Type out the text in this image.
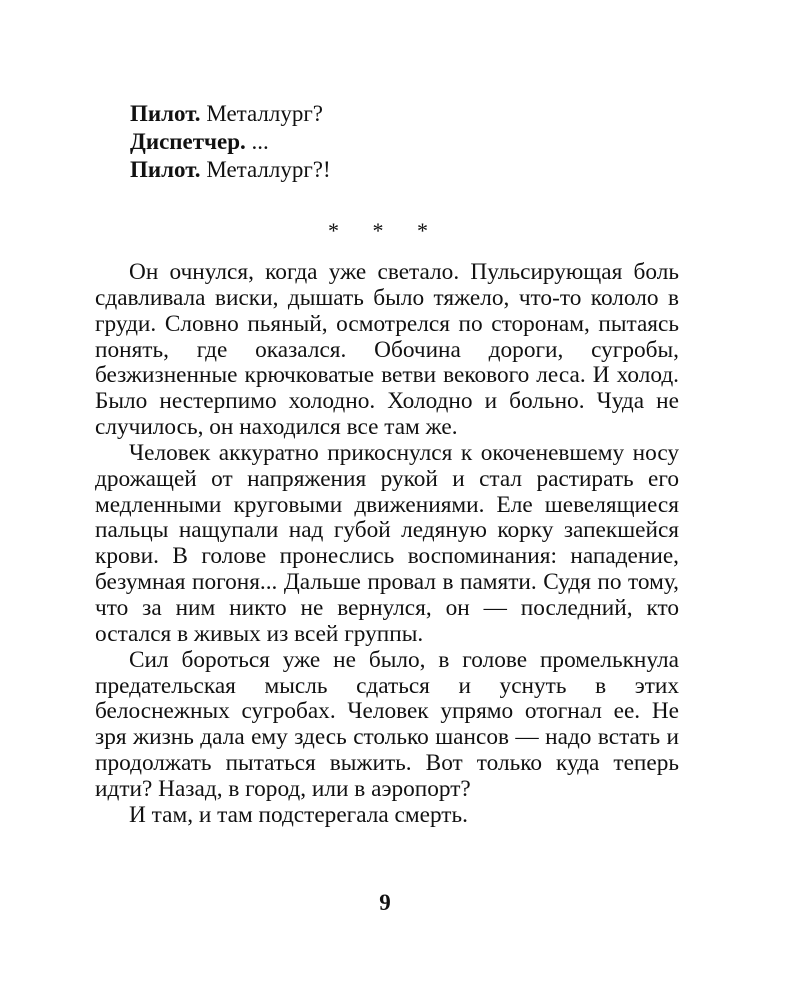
Пилот. Металлург?
Диспетчер. ...
Пилот. Металлург?!
* * *

Он очнулся, когда уже светало. Пульсирующая боль сдавливала виски, дышать было тяжело, что-то кололо в груди. Словно пьяный, осмотрелся по сторонам, пытаясь понять, где оказался. Обочина дороги, сугробы, безжизненные крючковатые ветви векового леса. И холод. Было нестерпимо холодно. Холодно и больно. Чуда не случилось, он находился все там же.

Человек аккуратно прикоснулся к окоченевшему носу дрожащей от напряжения рукой и стал растирать его медленными круговыми движениями. Еле шевелящиеся пальцы нащупали над губой ледяную корку запекшейся крови. В голове пронеслись воспоминания: нападение, безумная погоня... Дальше провал в памяти. Судя по тому, что за ним никто не вернулся, он — последний, кто остался в живых из всей группы.

Сил бороться уже не было, в голове промелькнула предательская мысль сдаться и уснуть в этих белоснежных сугробах. Человек упрямо отогнал ее. Не зря жизнь дала ему здесь столько шансов — надо встать и продолжать пытаться выжить. Вот только куда теперь идти? Назад, в город, или в аэропорт?

И там, и там подстерегала смерть.

9
